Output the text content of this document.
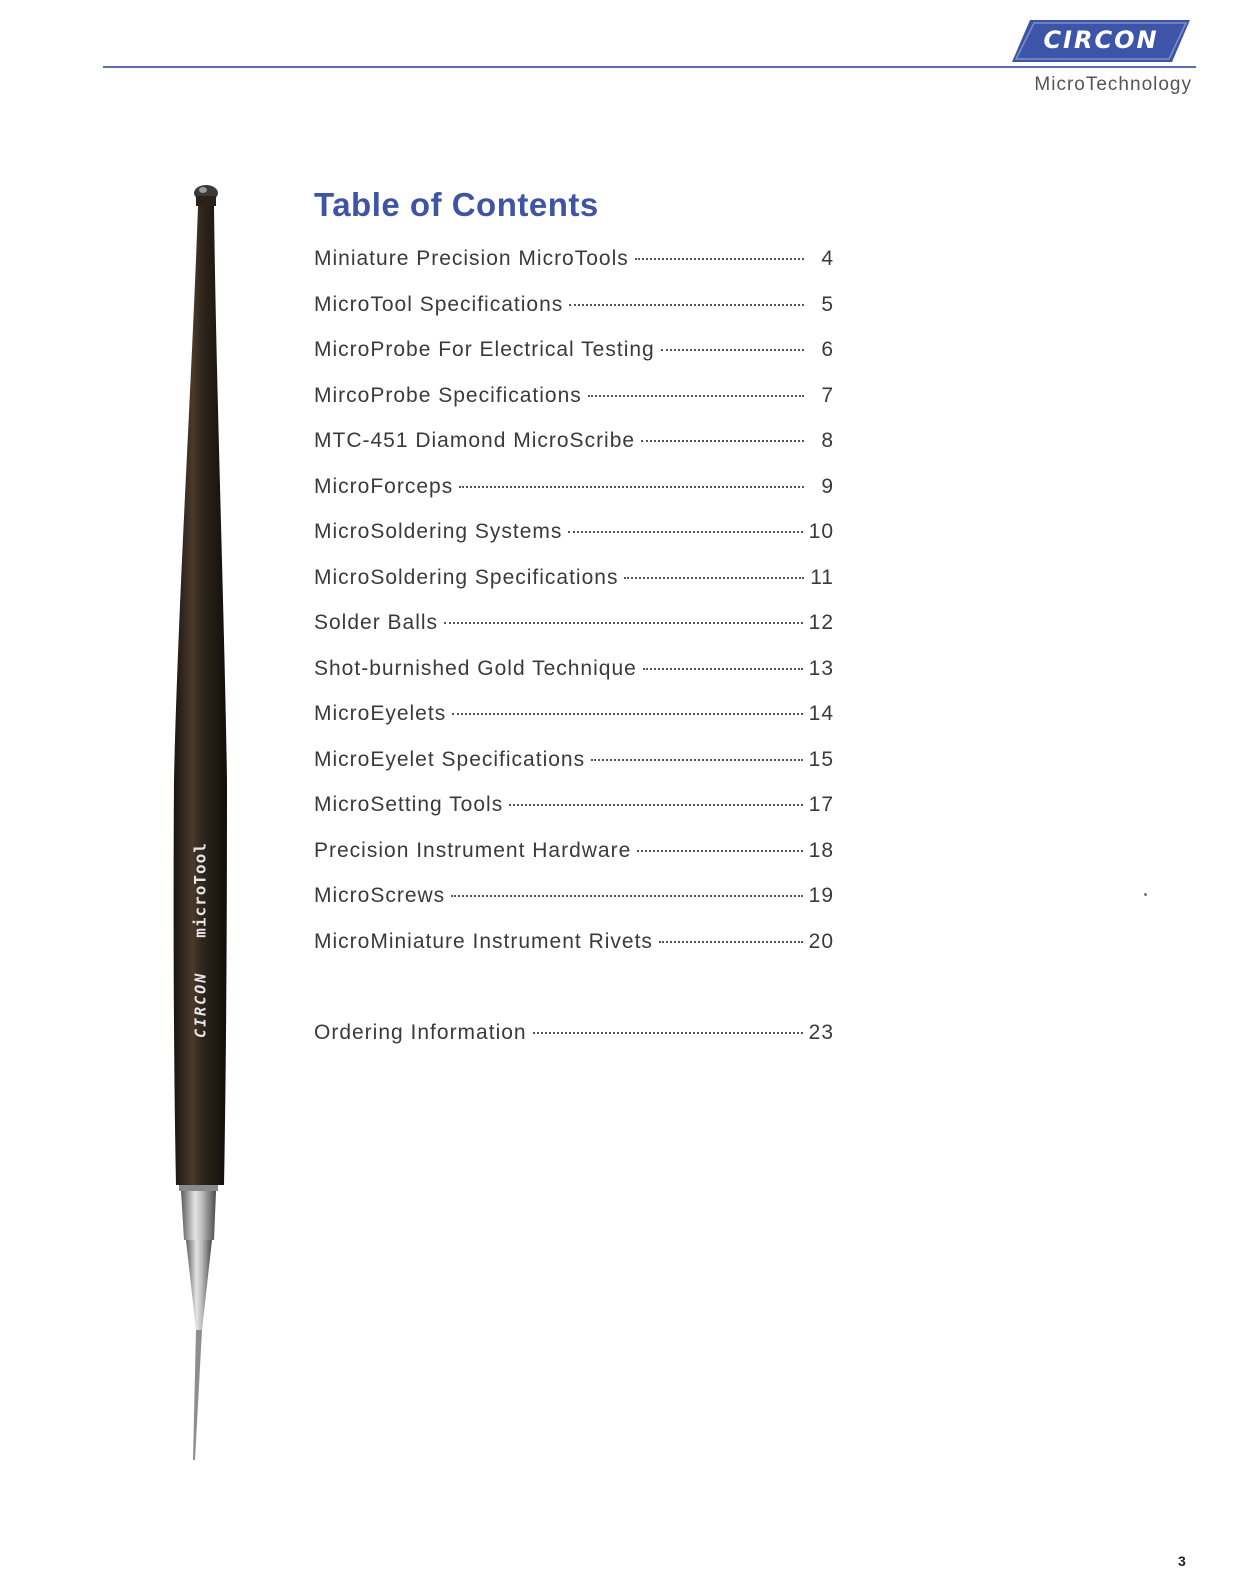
CIRCON
MicroTechnology
CIRCONmicroTool
Table of Contents
Miniature Precision MicroTools	4
MicroTool Specifications	5
MicroProbe For Electrical Testing	6
MircoProbe Specifications	7
MTC-451 Diamond MicroScribe	8
MicroForceps	9
MicroSoldering Systems	10
MicroSoldering Specifications	11
Solder Balls	12
Shot-burnished Gold Technique	13
MicroEyelets	14
MicroEyelet Specifications	15
MicroSetting Tools	17
Precision Instrument Hardware	18
MicroScrews	19
MicroMiniature Instrument Rivets	20
Ordering Information	23
3
